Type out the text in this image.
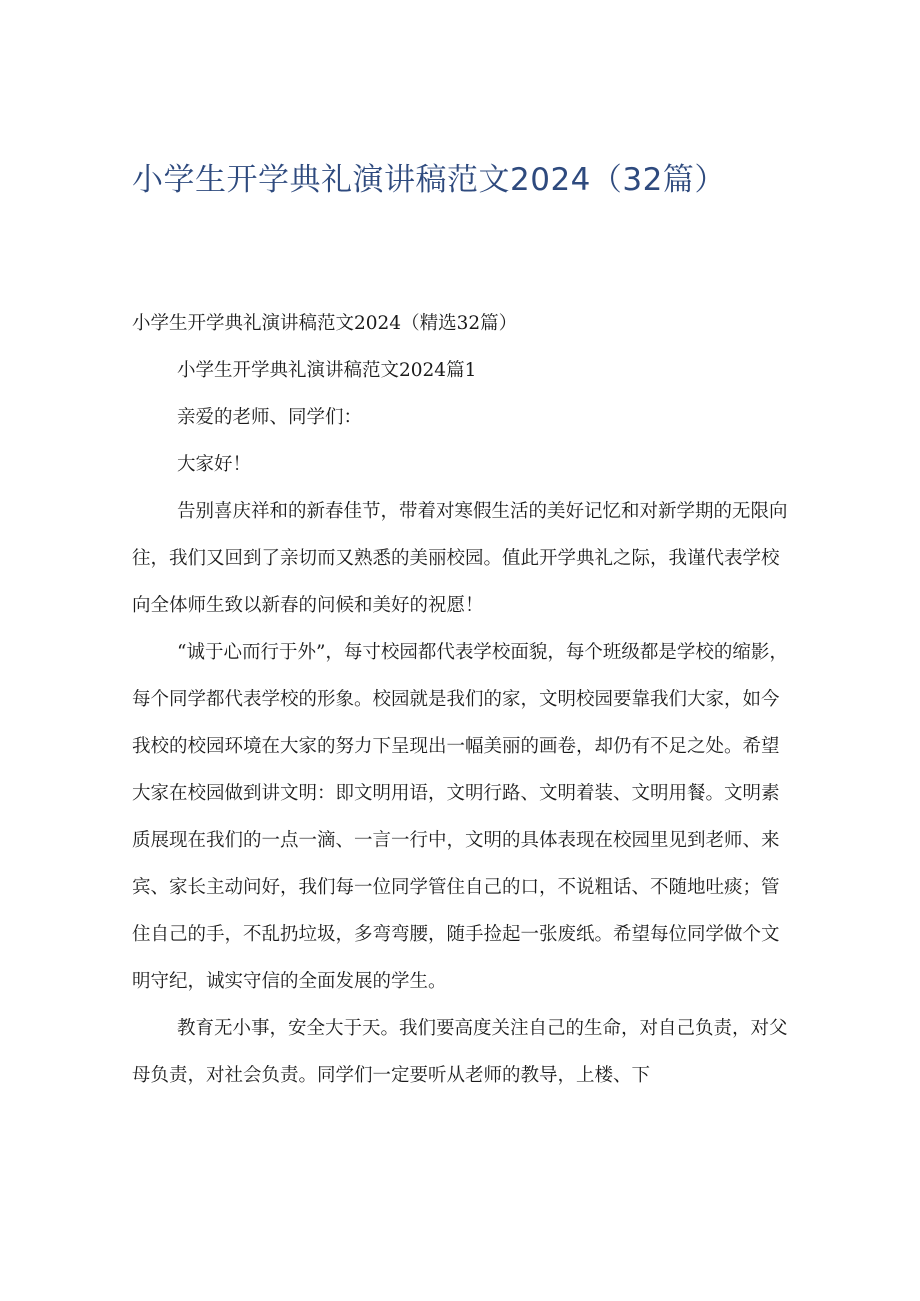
小学生开学典礼演讲稿范文2024（32篇）

小学生开学典礼演讲稿范文2024（精选32篇）

小学生开学典礼演讲稿范文2024篇1

亲爱的老师、同学们：

大家好！

告别喜庆祥和的新春佳节，带着对寒假生活的美好记忆和对新学期的无限向往，我们又回到了亲切而又熟悉的美丽校园。值此开学典礼之际，我谨代表学校向全体师生致以新春的问候和美好的祝愿！

“诚于心而行于外”，每寸校园都代表学校面貌，每个班级都是学校的缩影，每个同学都代表学校的形象。校园就是我们的家，文明校园要靠我们大家，如今我校的校园环境在大家的努力下呈现出一幅美丽的画卷，却仍有不足之处。希望大家在校园做到讲文明：即文明用语，文明行路、文明着装、文明用餐。文明素质展现在我们的一点一滴、一言一行中，文明的具体表现在校园里见到老师、来宾、家长主动问好，我们每一位同学管住自己的口，不说粗话、不随地吐痰；管住自己的手，不乱扔垃圾，多弯弯腰，随手捡起一张废纸。希望每位同学做个文明守纪，诚实守信的全面发展的学生。

教育无小事，安全大于天。我们要高度关注自己的生命，对自己负责，对父母负责，对社会负责。同学们一定要听从老师的教导，上楼、下
